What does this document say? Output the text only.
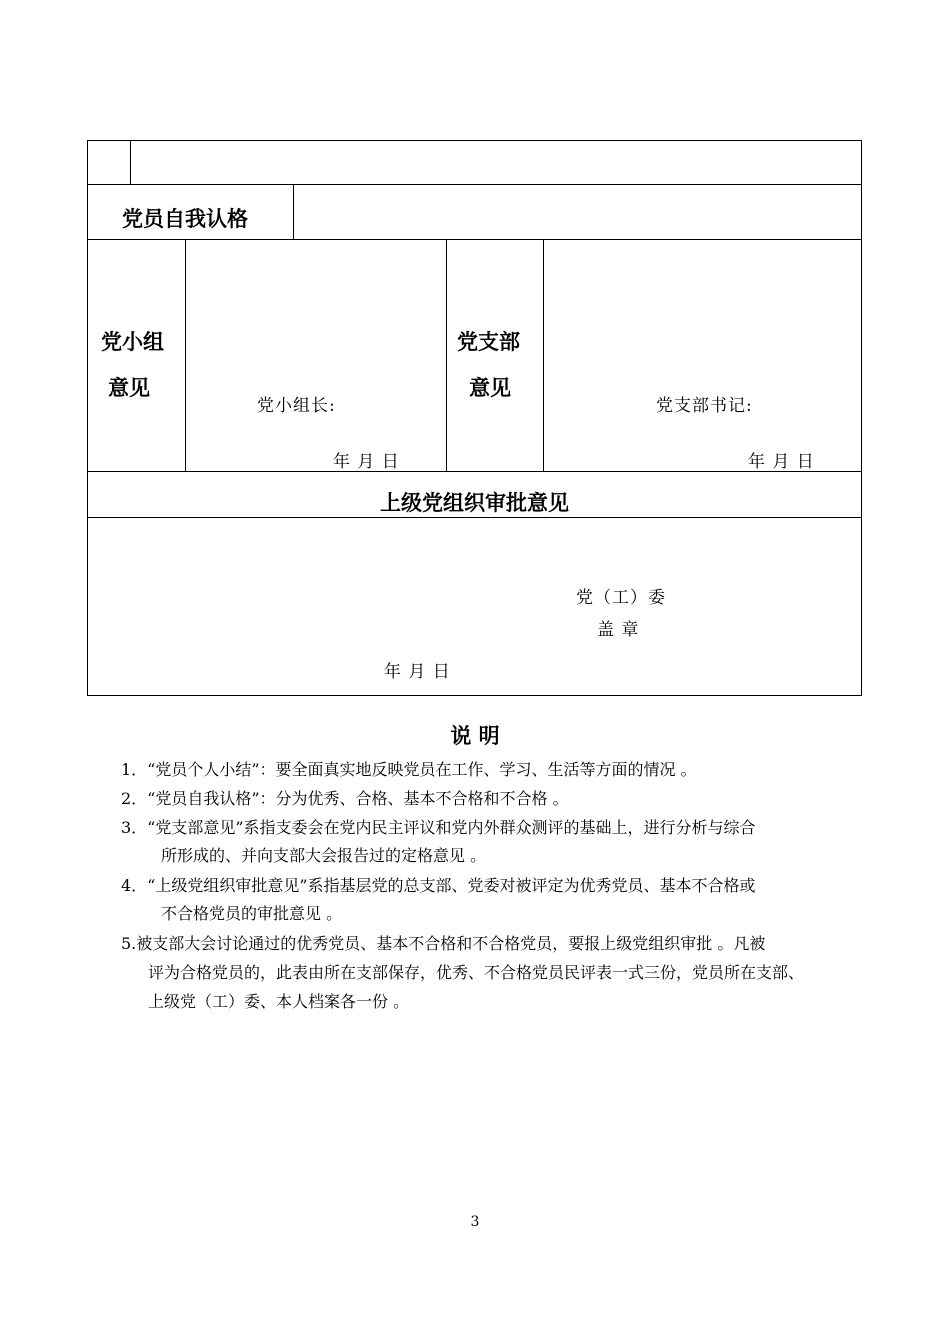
党员自我认格
党小组
意见
党小组长:
年 月 日
党支部
意见
党支部书记:
年 月 日
上级党组织审批意见
党（工）委
盖 章
年 月 日
说 明
1．“党员个人小结”：要全面真实地反映党员在工作、学习、生活等方面的情况 。
2．“党员自我认格”：分为优秀、合格、基本不合格和不合格 。
3．“党支部意见”系指支委会在党内民主评议和党内外群众测评的基础上，进行分析与综合
所形成的、并向支部大会报告过的定格意见 。
4．“上级党组织审批意见”系指基层党的总支部、党委对被评定为优秀党员、基本不合格或
不合格党员的审批意见 。
5.被支部大会讨论通过的优秀党员、基本不合格和不合格党员，要报上级党组织审批 。凡被
评为合格党员的，此表由所在支部保存，优秀、不合格党员民评表一式三份，党员所在支部、
上级党（工）委、本人档案各一份 。
3
